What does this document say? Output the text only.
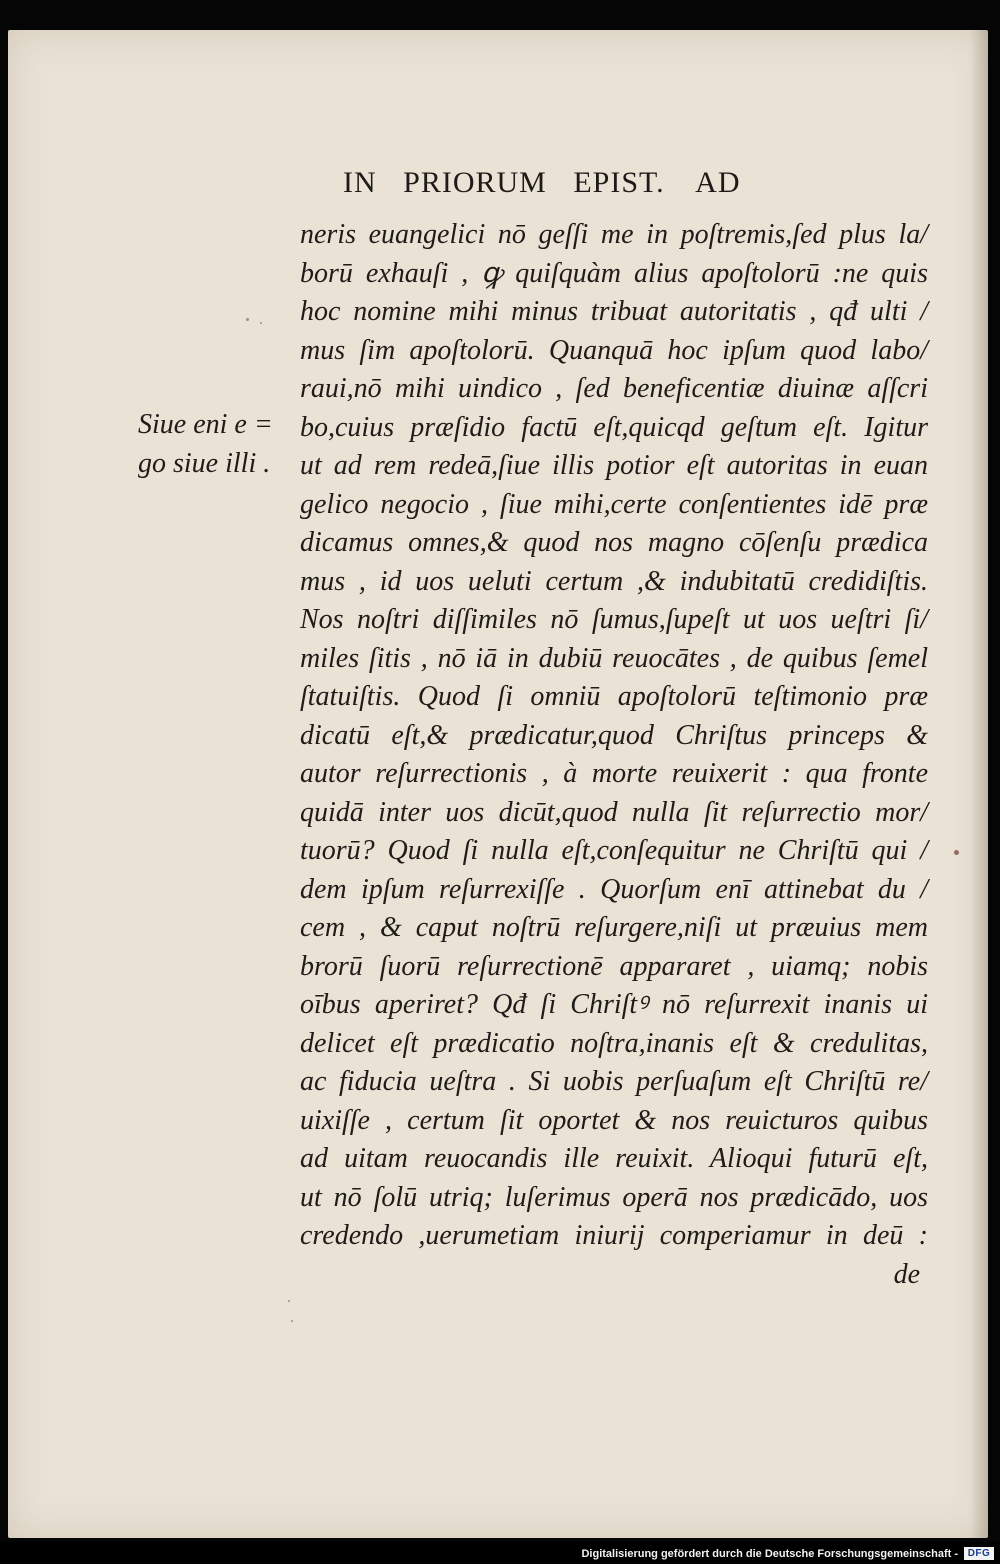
IN PRIORUM EPIST. AD
Siue eni e =
go siue illi .
neris euangelici nō geſſi me in poſtremis,ſed plus la/
borū exhauſi , ꝙ quiſquàm alius apoſtolorū :ne quis
hoc nomine mihi minus tribuat autoritatis , qđ ulti /
mus ſim apoſtolorū. Quanquā hoc ipſum quod labo/
raui,nō mihi uindico , ſed beneficentiæ diuinæ aſſcri
bo,cuius præſidio factū eſt,quicqd geſtum eſt. Igitur
ut ad rem redeā,ſiue illis potior eſt autoritas in euan
gelico negocio , ſiue mihi,certe conſentientes idē præ
dicamus omnes,& quod nos magno cōſenſu prædica
mus , id uos ueluti certum ,& indubitatū credidiſtis.
Nos noſtri diſſimiles nō ſumus,ſupeſt ut uos ueſtri ſi/
miles ſitis , nō iā in dubiū reuocātes , de quibus ſemel
ſtatuiſtis. Quod ſi omniū apoſtolorū teſtimonio præ
dicatū eſt,& prædicatur,quod Chriſtus princeps &
autor reſurrectionis , à morte reuixerit : qua fronte
quidā inter uos dicūt,quod nulla ſit reſurrectio mor/
tuorū? Quod ſi nulla eſt,conſequitur ne Chriſtū qui /
dem ipſum reſurrexiſſe . Quorſum enī attinebat du /
cem , & caput noſtrū reſurgere,niſi ut præuius mem
brorū ſuorū reſurrectionē appararet , uiamq; nobis
oībus aperiret? Qđ ſi Chriſtꝰ nō reſurrexit inanis ui
delicet eſt prædicatio noſtra,inanis eſt & credulitas,
ac fiducia ueſtra . Si uobis perſuaſum eſt Chriſtū re/
uixiſſe , certum ſit oportet & nos reuicturos quibus
ad uitam reuocandis ille reuixit. Alioqui futurū eſt,
ut nō ſolū utriq; luſerimus operā nos prædicādo, uos
credendo ,uerumetiam iniurij comperiamur in deū :
de
Digitalisierung gefördert durch die Deutsche Forschungsgemeinschaft - DFG
